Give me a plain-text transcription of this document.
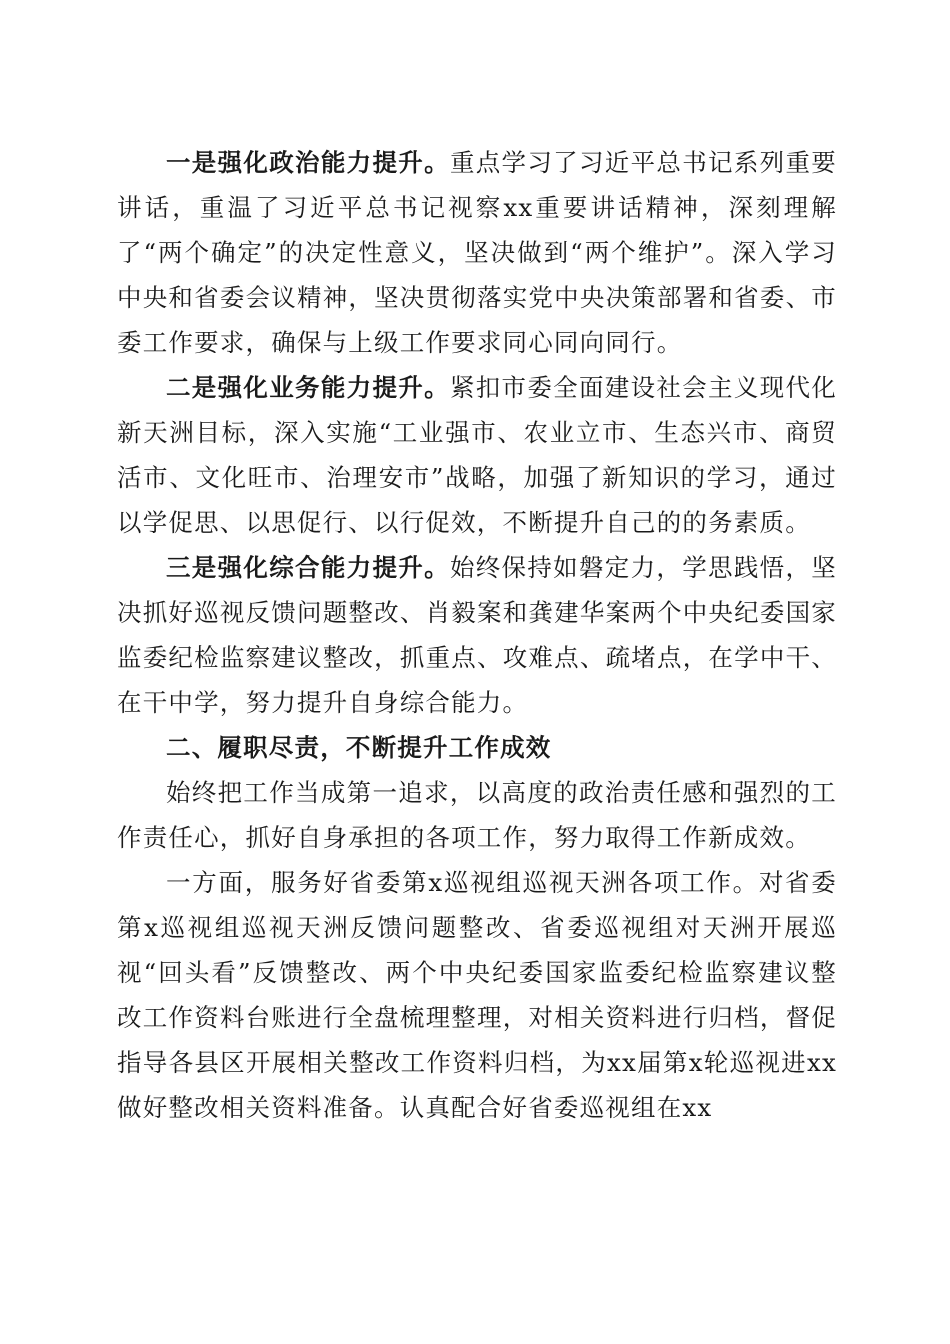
一是强化政治能力提升。重点学习了习近平总书记系列重要讲话，重温了习近平总书记视察xx重要讲话精神，深刻理解了“两个确定”的决定性意义，坚决做到“两个维护”。深入学习中央和省委会议精神，坚决贯彻落实党中央决策部署和省委、市委工作要求，确保与上级工作要求同心同向同行。

二是强化业务能力提升。紧扣市委全面建设社会主义现代化新天洲目标，深入实施“工业强市、农业立市、生态兴市、商贸活市、文化旺市、治理安市”战略，加强了新知识的学习，通过以学促思、以思促行、以行促效，不断提升自己的的务素质。

三是强化综合能力提升。始终保持如磐定力，学思践悟，坚决抓好巡视反馈问题整改、肖毅案和龚建华案两个中央纪委国家监委纪检监察建议整改，抓重点、攻难点、疏堵点，在学中干、在干中学，努力提升自身综合能力。

二、履职尽责，不断提升工作成效

始终把工作当成第一追求，以高度的政治责任感和强烈的工作责任心，抓好自身承担的各项工作，努力取得工作新成效。

一方面，服务好省委第x巡视组巡视天洲各项工作。对省委第x巡视组巡视天洲反馈问题整改、省委巡视组对天洲开展巡视“回头看”反馈整改、两个中央纪委国家监委纪检监察建议整改工作资料台账进行全盘梳理整理，对相关资料进行归档，督促指导各县区开展相关整改工作资料归档，为xx届第x轮巡视进xx做好整改相关资料准备。认真配合好省委巡视组在xx
